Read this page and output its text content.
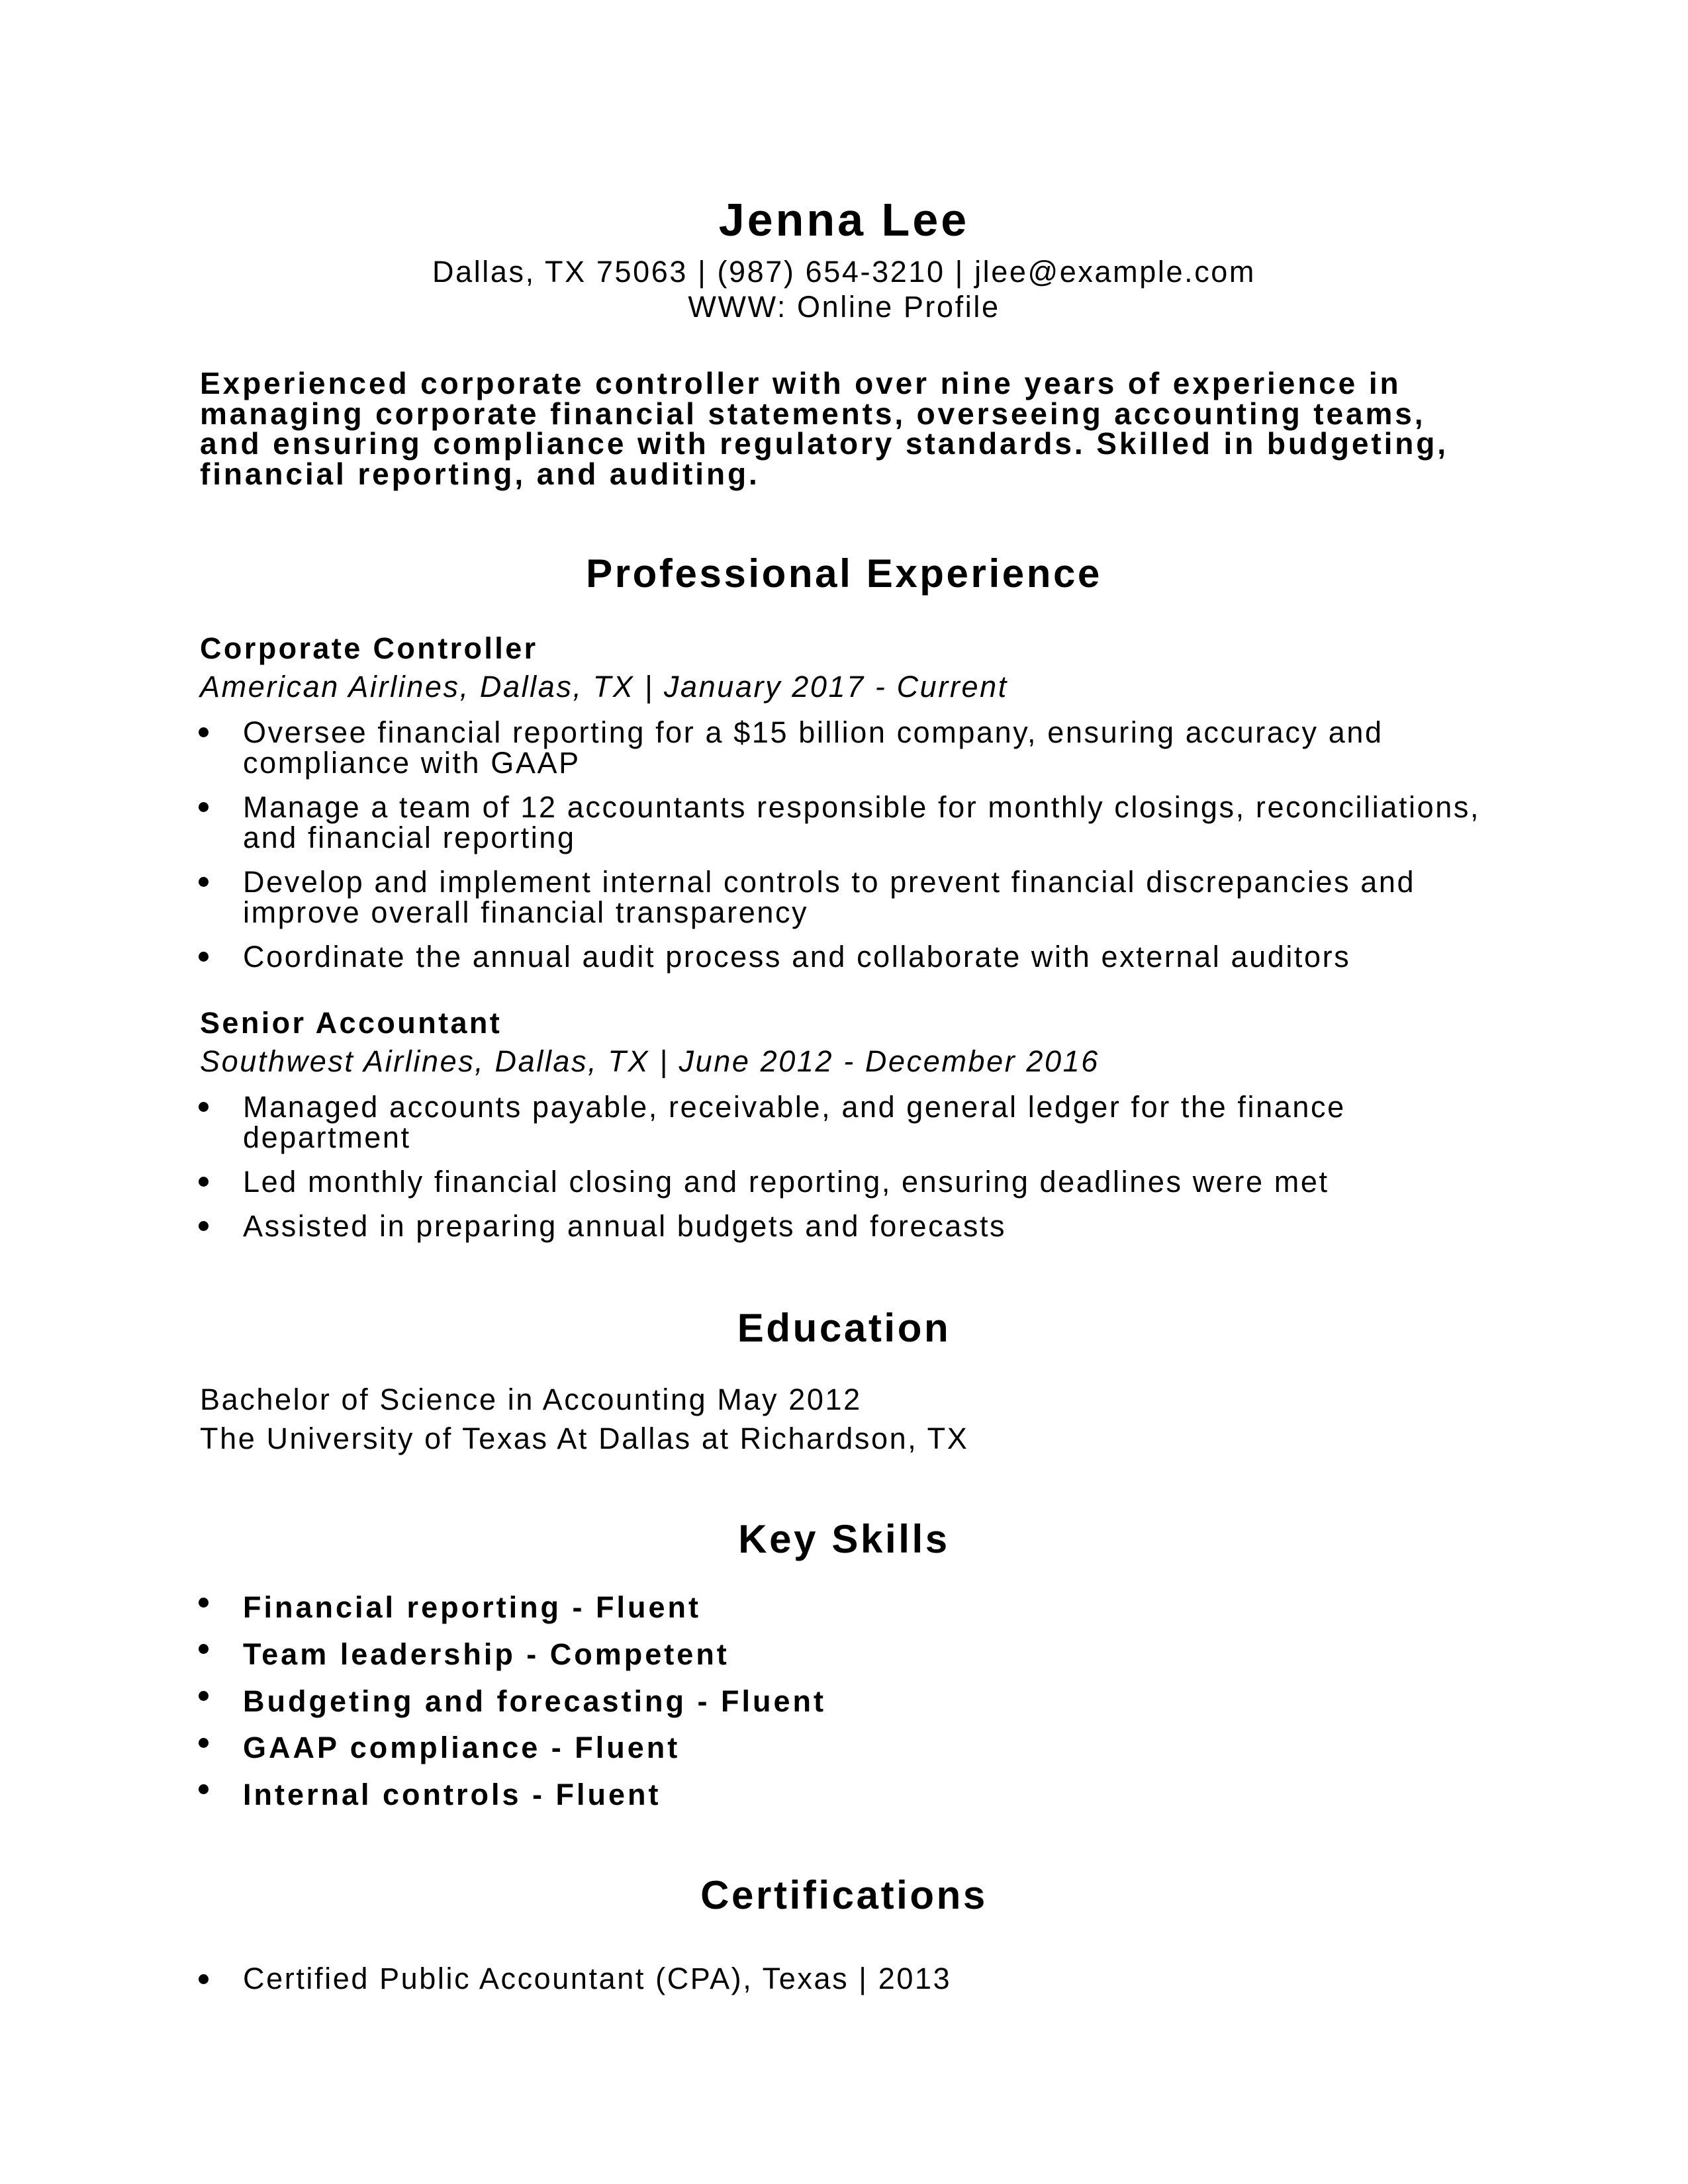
Jenna Lee
Dallas, TX 75063 | (987) 654-3210 | jlee@example.com
WWW: Online Profile

Experienced corporate controller with over nine years of experience in managing corporate financial statements, overseeing accounting teams, and ensuring compliance with regulatory standards. Skilled in budgeting, financial reporting, and auditing.

Professional Experience
Corporate Controller
American Airlines, Dallas, TX | January 2017 - Current

Oversee financial reporting for a $15 billion company, ensuring accuracy and compliance with GAAP

Manage a team of 12 accountants responsible for monthly closings, reconciliations, and financial reporting

Develop and implement internal controls to prevent financial discrepancies and improve overall financial transparency

Coordinate the annual audit process and collaborate with external auditors

Senior Accountant
Southwest Airlines, Dallas, TX | June 2012 - December 2016

Managed accounts payable, receivable, and general ledger for the finance department

Led monthly financial closing and reporting, ensuring deadlines were met

Assisted in preparing annual budgets and forecasts

Education
Bachelor of Science in Accounting May 2012
The University of Texas At Dallas at Richardson, TX
Key Skills
Financial reporting - Fluent
Team leadership - Competent
Budgeting and forecasting - Fluent
GAAP compliance - Fluent
Internal controls - Fluent
Certifications
Certified Public Accountant (CPA), Texas | 2013
